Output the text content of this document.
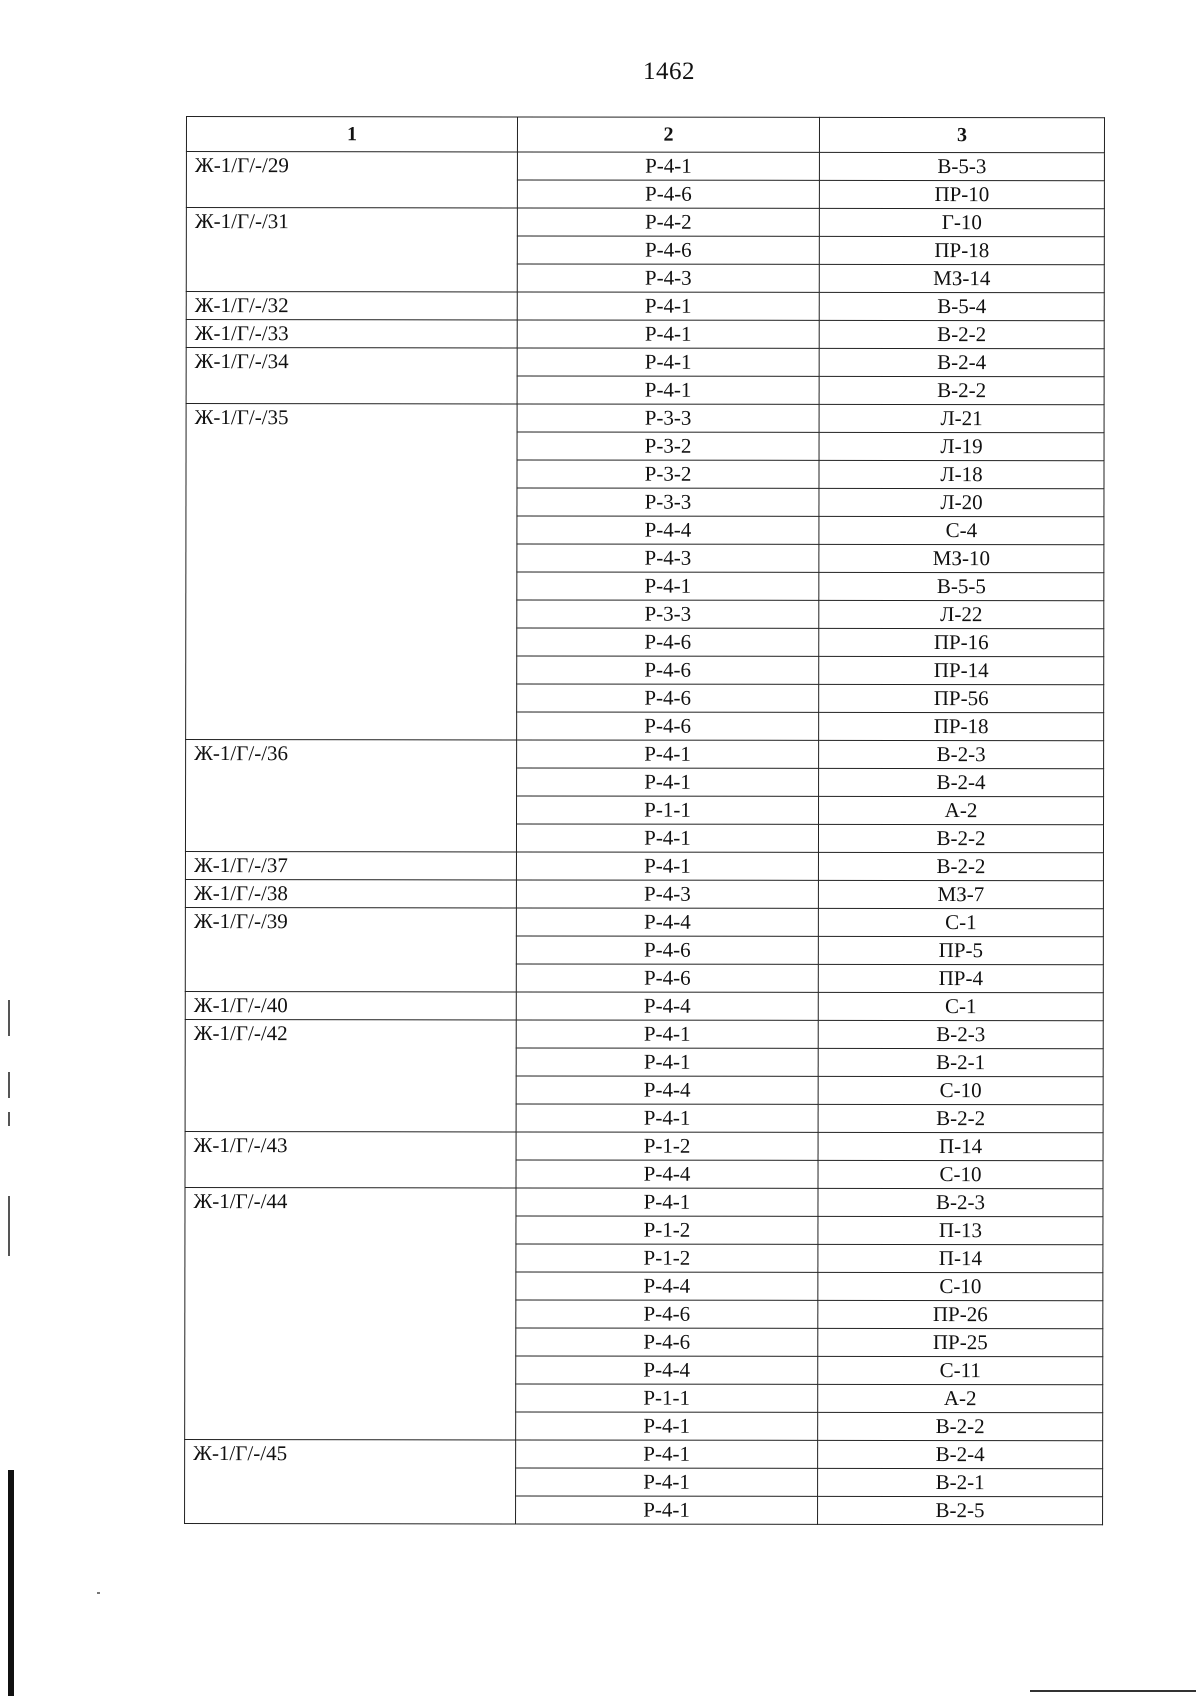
1462
1	2	3
Ж-1/Г/-/29	Р-4-1	В-5-3
	Р-4-6	ПР-10
Ж-1/Г/-/31	Р-4-2	Г-10
	Р-4-6	ПР-18
	Р-4-3	МЗ-14
Ж-1/Г/-/32	Р-4-1	В-5-4
Ж-1/Г/-/33	Р-4-1	В-2-2
Ж-1/Г/-/34	Р-4-1	В-2-4
	Р-4-1	В-2-2
Ж-1/Г/-/35	Р-3-3	Л-21
	Р-3-2	Л-19
	Р-3-2	Л-18
	Р-3-3	Л-20
	Р-4-4	С-4
	Р-4-3	МЗ-10
	Р-4-1	В-5-5
	Р-3-3	Л-22
	Р-4-6	ПР-16
	Р-4-6	ПР-14
	Р-4-6	ПР-56
	Р-4-6	ПР-18
Ж-1/Г/-/36	Р-4-1	В-2-3
	Р-4-1	В-2-4
	Р-1-1	А-2
	Р-4-1	В-2-2
Ж-1/Г/-/37	Р-4-1	В-2-2
Ж-1/Г/-/38	Р-4-3	МЗ-7
Ж-1/Г/-/39	Р-4-4	С-1
	Р-4-6	ПР-5
	Р-4-6	ПР-4
Ж-1/Г/-/40	Р-4-4	С-1
Ж-1/Г/-/42	Р-4-1	В-2-3
	Р-4-1	В-2-1
	Р-4-4	С-10
	Р-4-1	В-2-2
Ж-1/Г/-/43	Р-1-2	П-14
	Р-4-4	С-10
Ж-1/Г/-/44	Р-4-1	В-2-3
	Р-1-2	П-13
	Р-1-2	П-14
	Р-4-4	С-10
	Р-4-6	ПР-26
	Р-4-6	ПР-25
	Р-4-4	С-11
	Р-1-1	А-2
	Р-4-1	В-2-2
Ж-1/Г/-/45	Р-4-1	В-2-4
	Р-4-1	В-2-1
	Р-4-1	В-2-5
